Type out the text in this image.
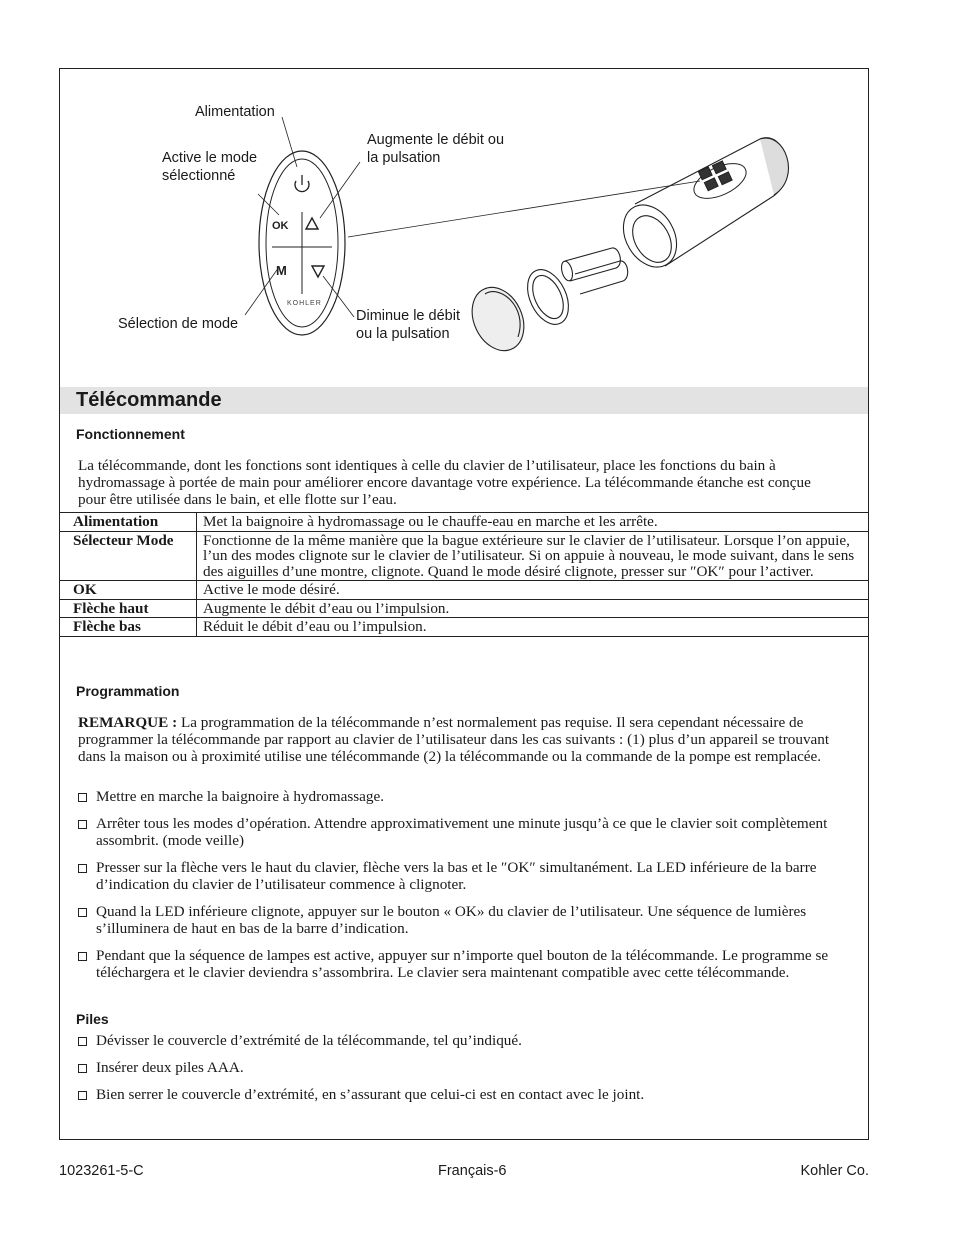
OK
M
KOHLER
Alimentation
Active le mode sélectionné
Augmente le débit ou la pulsation
Sélection de mode	Diminue le débit ou la pulsation
Télécommande
Fonctionnement

La télécommande, dont les fonctions sont identiques à celle du clavier de l’utilisateur, place les fonctions du bain à hydromassage à portée de main pour améliorer encore davantage votre expérience. La télécommande étanche est conçue pour être utilisée dans le bain, et elle flotte sur l’eau.

Alimentation	Met la baignoire à hydromassage ou le chauffe-eau en marche et les arrête.
Sélecteur Mode	Fonctionne de la même manière que la bague extérieure sur le clavier de l’utilisateur. Lorsque l’on appuie, l’un des modes clignote sur le clavier de l’utilisateur. Si on appuie à nouveau, le mode suivant, dans le sens des aiguilles d’une montre, clignote. Quand le mode désiré clignote, presser sur ″OK″ pour l’activer.
OK	Active le mode désiré.
Flèche haut	Augmente le débit d’eau ou l’impulsion.
Flèche bas	Réduit le débit d’eau ou l’impulsion.
Programmation

REMARQUE : La programmation de la télécommande n’est normalement pas requise. Il sera cependant nécessaire de programmer la télécommande par rapport au clavier de l’utilisateur dans les cas suivants : (1) plus d’un appareil se trouvant dans la maison ou à proximité utilise une télécommande (2) la télécommande ou la commande de la pompe est remplacée.

Mettre en marche la baignoire à hydromassage.
Arrêter tous les modes d’opération. Attendre approximativement une minute jusqu’à ce que le clavier soit complètement assombrit. (mode veille)
Presser sur la flèche vers le haut du clavier, flèche vers la bas et le ″OK″ simultanément. La LED inférieure de la barre d’indication du clavier de l’utilisateur commence à clignoter.
Quand la LED inférieure clignote, appuyer sur le bouton « OK» du clavier de l’utilisateur. Une séquence de lumières s’illuminera de haut en bas de la barre d’indication.
Pendant que la séquence de lampes est active, appuyer sur n’importe quel bouton de la télécommande. Le programme se téléchargera et le clavier deviendra s’assombrira. Le clavier sera maintenant compatible avec cette télécommande.
Piles
Dévisser le couvercle d’extrémité de la télécommande, tel qu’indiqué.
Insérer deux piles AAA.
Bien serrer le couvercle d’extrémité, en s’assurant que celui-ci est en contact avec le joint.
1023261-5-C	Français-6	Kohler Co.
